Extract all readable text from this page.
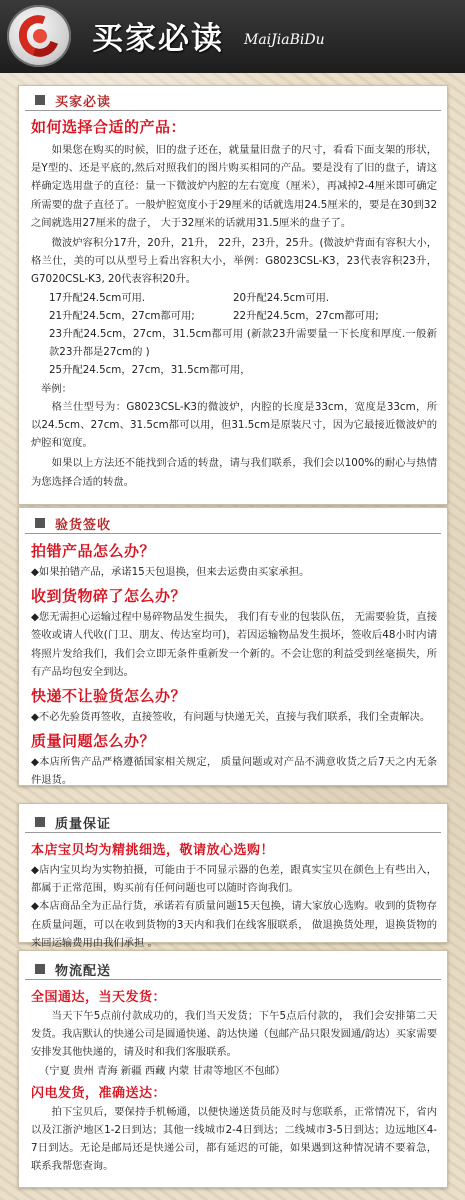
买家必读 MaiJiaBiDu
买家必读
如何选择合适的产品：
如果您在购买的时候，旧的盘子还在，就量量旧盘子的尺寸，看看下面支架的形状，是Y型的、还是平底的,然后对照我们的图片购买相同的产品。要是没有了旧的盘子，请这样确定选用盘子的直径：量一下微波炉内腔的左右宽度（厘米），再减掉2-4厘米即可确定所需要的盘子直径了。一般炉腔宽度小于29厘米的话就选用24.5厘米的，要是在30到32之间就选用27厘米的盘子， 大于32厘米的话就用31.5厘米的盘子了。
微波炉容积分17升，20升，21升， 22升，23升，25升。(微波炉背面有容积大小，格兰仕，美的可以从型号上看出容积大小，举例：G8023CSL-K3，23代表容积23升，G7020CSL-K3, 20代表容积20升。
17升配24.5cm可用.	20升配24.5cm可用.
21升配24.5cm，27cm都可用;	22升配24.5cm，27cm都可用;
23升配24.5cm，27cm，31.5cm都可用 (新款23升需要量一下长度和厚度.一般新款23升都是27cm的 )
25升配24.5cm，27cm，31.5cm都可用，
举例：
格兰仕型号为：G8023CSL-K3的微波炉，内腔的长度是33cm，宽度是33cm，所以24.5cm、27cm、31.5cm都可以用，但31.5cm是原装尺寸，因为它最接近微波炉的炉腔和宽度。
如果以上方法还不能找到合适的转盘，请与我们联系，我们会以100%的耐心与热情为您选择合适的转盘。
验货签收
拍错产品怎么办？
◆如果拍错产品，承诺15天包退换，但来去运费由买家承担。
收到货物碎了怎么办？
◆您无需担心运输过程中易碎物品发生损失， 我们有专业的包装队伍， 无需要验货，直接签收或请人代收(门卫、朋友、传达室均可)，若因运输物品发生损坏，签收后48小时内请将照片发给我们，我们会立即无条件重新发一个新的。不会让您的利益受到丝毫损失，所有产品均包安全到达。
快递不让验货怎么办？
◆不必先验货再签收，直接签收，有问题与快递无关，直接与我们联系，我们全责解决。
质量问题怎么办？
◆本店所售产品严格遵循国家相关规定， 质量问题或对产品不满意收货之后7天之内无条件退货。
质量保证
本店宝贝均为精挑细选，敬请放心选购！
◆店内宝贝均为实物拍摄，可能由于不同显示器的色差，跟真实宝贝在颜色上有些出入，都属于正常范围，购买前有任何问题也可以随时咨询我们。
◆本店商品全为正品行货，承诺若有质量问题15天包换，请大家放心选购。收到的货物存在质量问题，可以在收到货物的3天内和我们在线客服联系， 做退换货处理，退换货物的来回运输费用由我们承担 。
物流配送
全国通达，当天发货：
当天下午5点前付款成功的，我们当天发货；下午5点后付款的， 我们会安排第二天发货。我店默认的快递公司是圆通快递、韵达快递（包邮产品只限发圆通/韵达）买家需要安排发其他快递的，请及时和我们客服联系。
（宁夏 贵州 青海 新疆 西藏 内蒙 甘肃等地区不包邮）
闪电发货，准确送达：
拍下宝贝后，要保持手机畅通，以便快递送货员能及时与您联系，正常情况下，省内以及江浙沪地区1-2日到达；其他一线城市2-4日到达；二线城市3-5日到达；边远地区4-7日到达。无论是邮局还是快递公司，都有延迟的可能，如果遇到这种情况请不要着急，联系我帮您查询。
